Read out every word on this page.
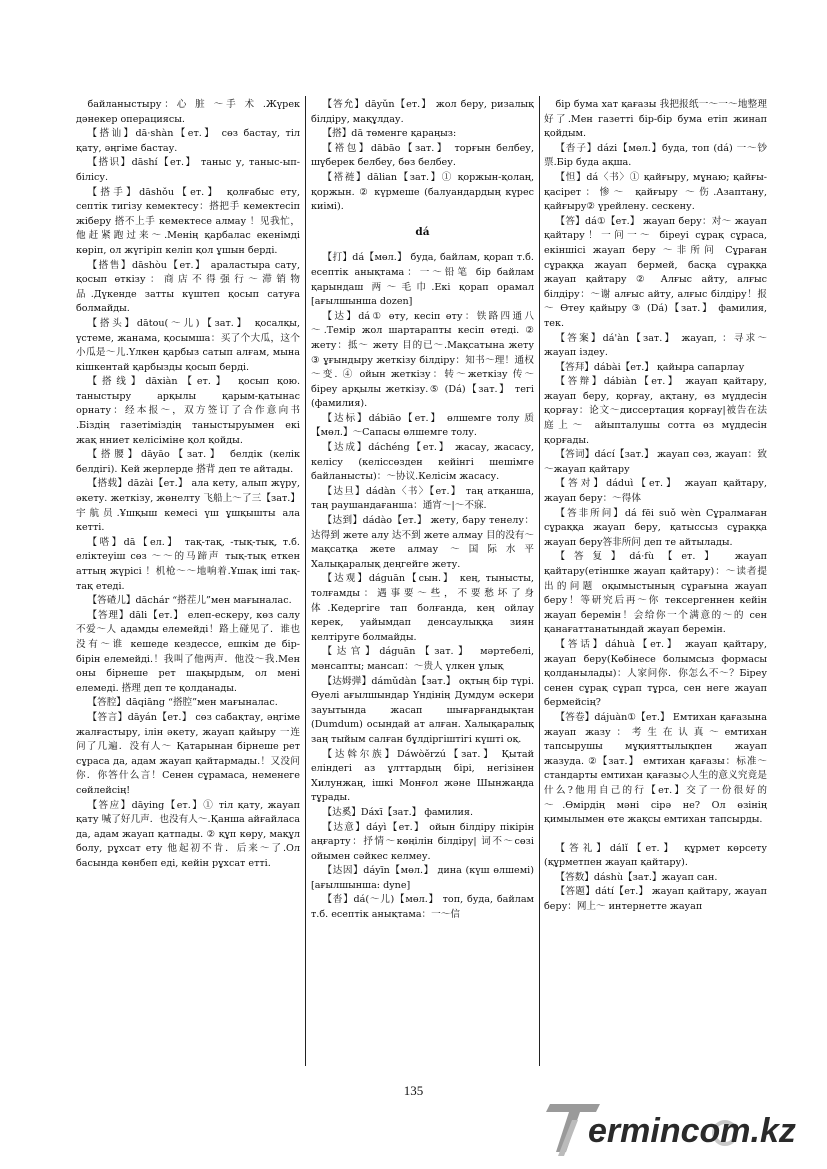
байланыстыру：心 脏 ～手 术 .Жүрек дәнекер операциясы.

【搭讪】dā·shàn【ет.】 сөз бастау, тіл қату, әңгіме бастау.

【搭识】dāshí【ет.】 таныс у, таныс-ып-білісу.

【搭手】dāshǒu【ет.】 қолғабыс ету, септік тигізу кемектесу：搭把手 кемектесіп жіберу 搭不上手 кемектесе алмау ！见我忙，他赶紧跑过来～.Менің қарбалас екенімді көріп, ол жүгіріп келіп қол ұшын берді.

【搭售】dāshòu【ет.】 араластыра сату, қосып өткізу：商店不得强行～滞销物品.Дүкенде затты күштеп қосып сатуға болмайды.

【搭头】dātou(～儿)【зат.】 қосалқы, үстеме, жанама, қосымша：买了个大瓜，这个小瓜是～儿.Үлкен қарбыз сатып алғам, мына кішкентай қарбызды қосып берді.

【搭线】dāxiàn【ет.】 қосып қою. таныстыру арқылы қарым-қатынас орнату：经本报～，双方签订了合作意向书 .Біздің газетіміздің таныстыруымен екі жақ нниет келісіміне қол қойды.

【搭腰】dāyāo【зат.】 белдік (келік белдігі). Кей жерлерде 搭背 деп те айтады.

【搭载】dāzài【ет.】 ала кету, алып жүру, әкету. жеткізу, жөнелту 飞船上～了三【зат.】宇航员.Ұшқыш кемесі үш ұшқышты ала кетті.

【嗒】dā【ел.】 тақ-тақ, -тық-тық, т.б. еліктеуіш сөз ～～的马蹄声 тық-тық еткен аттың жүрісі ！机枪～～地响着.Ұшақ іші тақ-тақ етеді.

【答碴儿】dāchár “搭茬儿”мен мағыналас.

【答理】dāli【ет.】 елеп-ескеру, көз салу 不爱～人 адамды елемейді！路上碰见了．谁也没有～谁 кешеде кездессе, ешкім де бір-бірін елемейді.！我叫了他两声．他没～我.Мен оны бірнеше рет шақырдым, ол мені елемеді. 搭理 деп те қолданады.

【答腔】dāqiāng “搭腔”мен мағыналас.

【答言】dāyán【ет.】 сөз сабақтау, әңгіме жалғастыру, ілін әкету, жауап қайыру 一连问了几遍．没有人～ Қатарынан бірнеше рет сұраса да, адам жауап қайтармады.！又没问你．你答什么言！Сенен сұрамаса, неменеге сөйлейсің!

【答应】dāying【ет.】① тіл қату, жауап қату 喊了好几声．也没有人～.Қанша айғайласа да, адам жауап қатпады. ② құп көру, мақұл болу, рұхсат ету 他起初不肯．后来～了.Ол басында көнбеп еді, кейін рұхсат етті.

【答允】dāyǔn【ет.】 жол беру, ризалық білдіру, мақұлдау.

【搭】dā төменге қараңыз:

【褡包】dābāo【зат.】 торғын белбеу, шүберек белбеу, бөз белбеу.

【褡裢】dālian【зат.】① қоржын-қолаң, қоржын. ② күрмеше (балуандардың күрес киімі).

dá

【打】dá【мөл.】 буда, байлам, қорап т.б. есептік анықтама：一～铅笔 бір байлам қарындаш 两～毛巾.Екі қорап орамал [ағылшынша dozen]

【达】dá① өту, кесіп өту：铁路四通八～.Темір жол шартарапты кесіп өтеді. ② жету：抵～ жету 目的已～.Мақсатына жету ③ ұғындыру жеткізу білдіру：知书～理！通权～变. ④ ойын жеткізу：转～жеткізу 传～біреу арқылы жеткізу.⑤ (Dá)【зат.】 тегі (фамилия).

【达标】dábiāo【ет.】 өлшемге толу 质【мөл.】～Сапасы өлшемге толу.

【达成】dáchéng【ет.】 жасау, жасасу, келісу (келіссөзден кейінгі шешімге байланысты)：～协议.Келісім жасасу.

【达旦】dádàn〈书〉【ет.】 таң атқанша, таң раушандағанша：通宵～|～不寐.

【达到】dádào【ет.】 жету, бару тенелу：达得到 жете алу 达不到 жете алмау 目的没有～мақсатқа жете алмау ～国际水平 Халықаралық деңгейге жету.

【达观】dáguān【сын.】 кең, тынысты, толғамды：遇事要～些，不要愁坏了身体.Кедергіге тап болғанда, кең ойлау керек, уайымдап денсаулыққа зиян келтіруге болмайды.

【达官】dáguān【зат.】 мәртебелі, мәнсапты; мансап：～贵人 үлкен ұлық

【达姆弹】dámǔdàn【зат.】 оқтың бір түрі. Өуелі ағылшындар Үндінің Думдум әскери зауытында жасап шығарғандықтан (Dumdum) осындай ат алған. Халықаралық заң тыйым салған бұлдіргіштігі күшті оқ.

【达斡尔族】Dáwòěrzú【зат.】 Қытай еліндегі аз ұлттардың бірі, негізінен Хилунжаң, ішкі Монғол және Шынжаңда тұрады.

【达奚】Dáxī【зат.】 фамилия.

【达意】dáyì【ет.】 ойын білдіру пікірін аңғарту：抒情～көңілін білдіру| 词不～сөзі ойымен сәйкес келмеу.

【达因】dáyīn【мөл.】 дина (күш өлшемі) [ағылшынша: dyne]

【沓】dá(～儿)【мөл.】 топ, буда, байлам т.б. есептік анықтама：一～信

бір бума хат қағазы 我把报纸一～一～地整理好了.Мен газетті бір-бір бума етіп жинап қойдым.

【沓子】dázi【мөл.】буда, топ (dá) 一～钞票.Бір буда ақша.

【怛】dá〈书〉① қайғыру, мұнаю; қайғы-қасірет：惨～ қайғыру ～伤.Азаптану, қайғыру② үрейлену. сескену.

【答】dá①【ет.】 жауап беру：对～ жауап қайтару！一问一～ біреуі сұрақ сұраса, екіншісі жауап беру ～非所问 Сұраған сұраққа жауап бермей, басқа сұраққа жауап қайтару ② Алғыс айту, алғыс білдіру：～谢 алғыс айту, алғыс білдіру！报～ Өтеу қайыру ③ (Dá)【зат.】 фамилия, тек.

【答案】dá'àn【зат.】 жауап, ：寻求～жауап іздеу.

【答拜】dábài【ет.】 қайыра сапарлау

【答辩】dábiàn【ет.】 жауап қайтару, жауап беру, қорғау, ақтану, өз мүддесін қорғау：论文～диссертация қорғау|被告在法庭上～ айыпталушы сотта өз мүддесін қорғады.

【答词】dácí【зат.】 жауап сөз, жауап：致～жауап қайтару

【答对】dáduì【ет.】 жауап қайтару, жауап беру：～得体

【答非所问】dá fēi suǒ wèn Сұралмаған сұраққа жауап беру, қатыссыз сұраққа жауап беру答非所问 деп те айтылады.

【答复】dá·fù【ет.】 жауап қайтару(етіншке жауап қайтару)：～读者提出的问题 оқымыстының сұрағына жауап беру！等研究后再～你 тексергеннен кейін жауап беремін！会给你一个满意的～的 сен қанағаттанатындай жауап беремін.

【答话】dáhuà【ет.】 жауап қайтару, жауап беру(Көбінесе болымсыз формасы қолданылады)：人家问你．你怎么不～？Біреу сенен сұрақ сұрап тұрса, сен неге жауап бермейсің?

【答卷】dájuàn①【ет.】 Емтихан қағазына жауап жазу：考生在认真～емтихан тапсырушы мұқияттылықпен жауап жазуда. ②【зат.】 емтихан қағазы：标准～ стандарты емтихан қағазы◇人生的意义究竟是什么?他用自己的行【ет.】交了一份很好的～.Өмірдің мәні сірә не? Ол өзінің қимылымен өте жақсы емтихан тапсырды.

【答礼】dálǐ【ет.】 құрмет көрсету (құрметпен жауап қайтару).

【答数】dáshù【зат.】жауап сан.

【答题】dátí【ет.】 жауап қайтару, жауап беру：网上～ интернетте жауап

135
ermincom.kz
